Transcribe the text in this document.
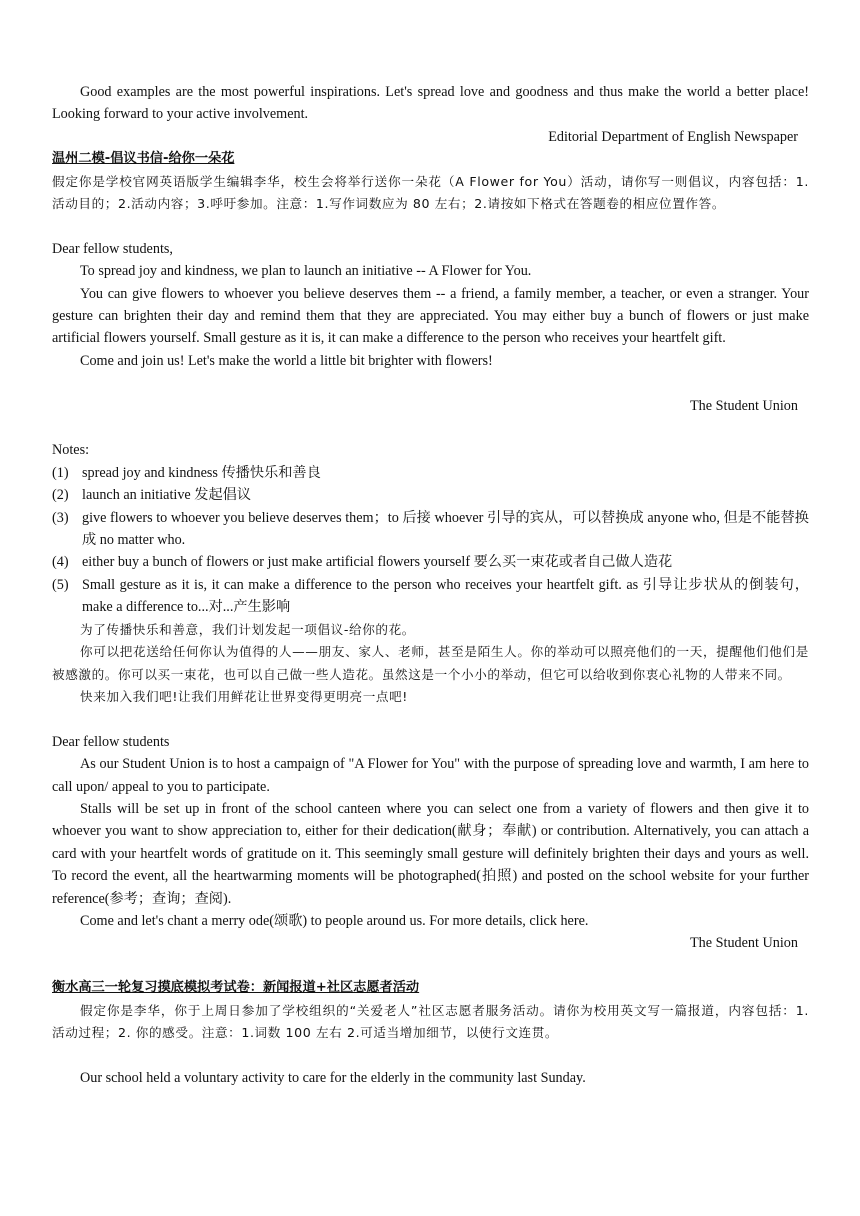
Good examples are the most powerful inspirations. Let's spread love and goodness and thus make the world a better place! Looking forward to your active involvement.

Editorial Department of English Newspaper

温州二模-倡议书信-给你一朵花

假定你是学校官网英语版学生编辑李华，校生会将举行送你一朵花（A Flower for You）活动，请你写一则倡议，内容包括：1.活动目的；2.活动内容；3.呼吁参加。注意：1.写作词数应为 80 左右；2.请按如下格式在答题卷的相应位置作答。

Dear fellow students,

To spread joy and kindness, we plan to launch an initiative -- A Flower for You.

You can give flowers to whoever you believe deserves them -- a friend, a family member, a teacher, or even a stranger. Your gesture can brighten their day and remind them that they are appreciated. You may either buy a bunch of flowers or just make artificial flowers yourself. Small gesture as it is, it can make a difference to the person who receives your heartfelt gift.

Come and join us! Let's make the world a little bit brighter with flowers!

The Student Union

Notes:

(1) spread joy and kindness 传播快乐和善良
(2) launch an initiative 发起倡议
(3) give flowers to whoever you believe deserves them；to 后接 whoever 引导的宾从，可以替换成 anyone who, 但是不能替换成 no matter who.
(4) either buy a bunch of flowers or just make artificial flowers yourself 要么买一束花或者自己做人造花
(5) Small gesture as it is, it can make a difference to the person who receives your heartfelt gift. as 引导让步状从的倒装句，make a difference to...对...产生影响

为了传播快乐和善意，我们计划发起一项倡议-给你的花。

你可以把花送给任何你认为值得的人——朋友、家人、老师，甚至是陌生人。你的举动可以照亮他们的一天，提醒他们他们是被感激的。你可以买一束花，也可以自己做一些人造花。虽然这是一个小小的举动，但它可以给收到你衷心礼物的人带来不同。

快来加入我们吧!让我们用鲜花让世界变得更明亮一点吧!

Dear fellow students

As our Student Union is to host a campaign of "A Flower for You" with the purpose of spreading love and warmth, I am here to call upon/ appeal to you to participate.

Stalls will be set up in front of the school canteen where you can select one from a variety of flowers and then give it to whoever you want to show appreciation to, either for their dedication(献身；奉献) or contribution. Alternatively, you can attach a card with your heartfelt words of gratitude on it. This seemingly small gesture will definitely brighten their days and yours as well. To record the event, all the heartwarming moments will be photographed(拍照) and posted on the school website for your further reference(参考；查询；查阅).

Come and let's chant a merry ode(颂歌) to people around us. For more details, click here.

The Student Union

衡水高三一轮复习摸底模拟考试卷：新闻报道+社区志愿者活动

假定你是李华，你于上周日参加了学校组织的“关爱老人”社区志愿者服务活动。请你为校用英文写一篇报道，内容包括：1. 活动过程；2. 你的感受。注意：1.词数 100 左右 2.可适当增加细节，以使行文连贯。

Our school held a voluntary activity to care for the elderly in the community last Sunday.
